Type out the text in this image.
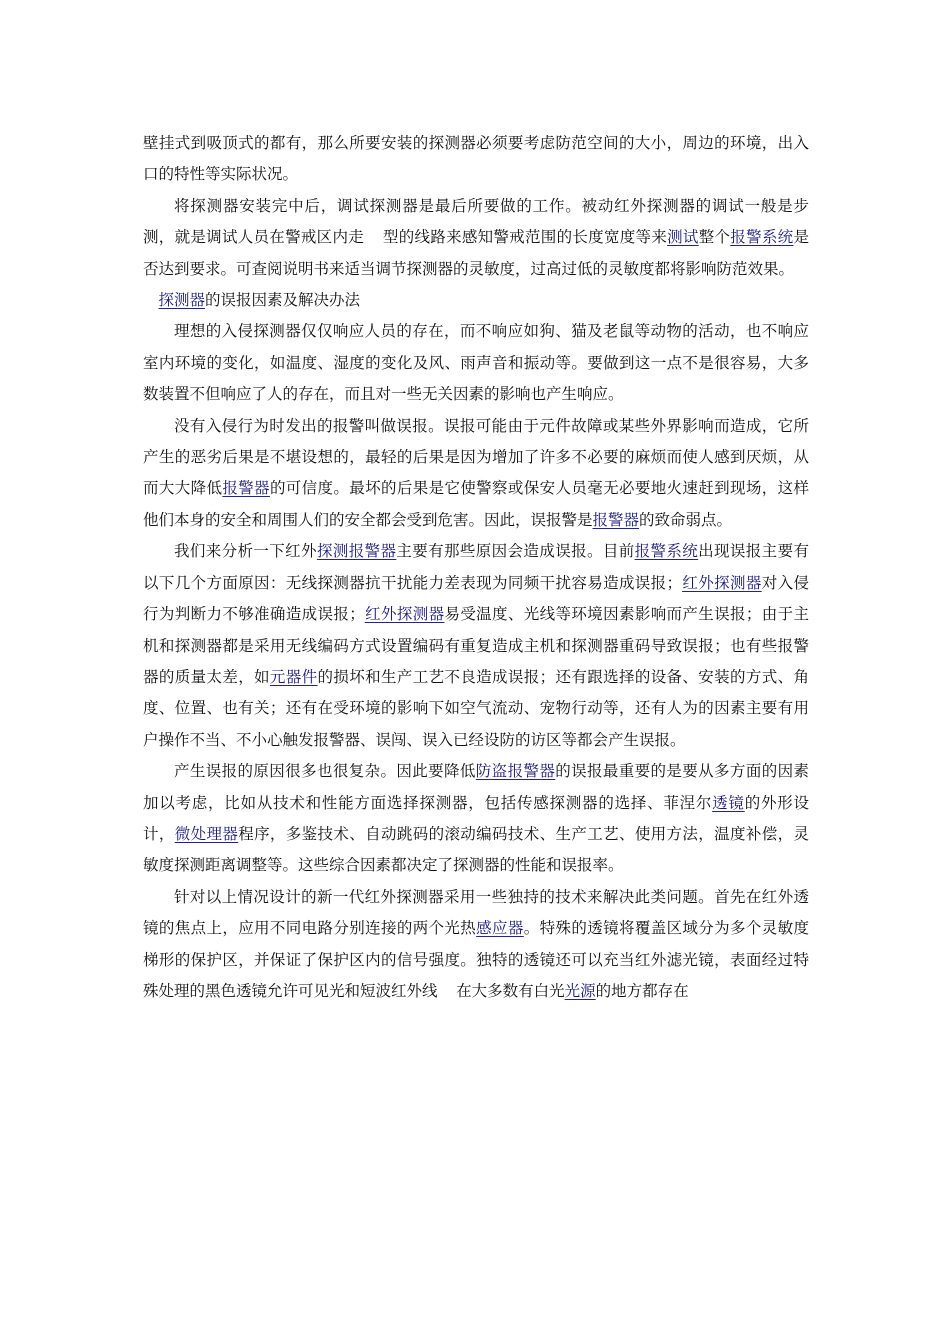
壁挂式到吸顶式的都有，那么所要安装的探测器必须要考虑防范空间的大小，周边的环境，出入口的特性等实际状况。

将探测器安装完中后，调试探测器是最后所要做的工作。被动红外探测器的调试一般是步测，就是调试人员在警戒区内走 型的线路来感知警戒范围的长度宽度等来测试整个报警系统是否达到要求。可查阅说明书来适当调节探测器的灵敏度，过高过低的灵敏度都将影响防范效果。

探测器的误报因素及解决办法

理想的入侵探测器仅仅响应人员的存在，而不响应如狗、猫及老鼠等动物的活动，也不响应室内环境的变化，如温度、湿度的变化及风、雨声音和振动等。要做到这一点不是很容易，大多数装置不但响应了人的存在，而且对一些无关因素的影响也产生响应。

没有入侵行为时发出的报警叫做误报。误报可能由于元件故障或某些外界影响而造成，它所产生的恶劣后果是不堪设想的，最轻的后果是因为增加了许多不必要的麻烦而使人感到厌烦，从而大大降低报警器的可信度。最坏的后果是它使警察或保安人员毫无必要地火速赶到现场，这样他们本身的安全和周围人们的安全都会受到危害。因此，误报警是报警器的致命弱点。

我们来分析一下红外探测报警器主要有那些原因会造成误报。目前报警系统出现误报主要有以下几个方面原因：无线探测器抗干扰能力差表现为同频干扰容易造成误报；红外探测器对入侵行为判断力不够准确造成误报；红外探测器易受温度、光线等环境因素影响而产生误报；由于主机和探测器都是采用无线编码方式设置编码有重复造成主机和探测器重码导致误报；也有些报警器的质量太差，如元器件的损坏和生产工艺不良造成误报；还有跟选择的设备、安装的方式、角度、位置、也有关；还有在受环境的影响下如空气流动、宠物行动等，还有人为的因素主要有用户操作不当、不小心触发报警器、误闯、误入已经设防的访区等都会产生误报。

产生误报的原因很多也很复杂。因此要降低防盗报警器的误报最重要的是要从多方面的因素加以考虑，比如从技术和性能方面选择探测器，包括传感探测器的选择、菲涅尔透镜的外形设计，微处理器程序，多鉴技术、自动跳码的滚动编码技术、生产工艺、使用方法，温度补偿，灵敏度探测距离调整等。这些综合因素都决定了探测器的性能和误报率。

针对以上情况设计的新一代红外探测器采用一些独持的技术来解决此类问题。首先在红外透镜的焦点上，应用不同电路分别连接的两个光热感应器。特殊的透镜将覆盖区域分为多个灵敏度梯形的保护区，并保证了保护区内的信号强度。独特的透镜还可以充当红外滤光镜，表面经过特殊处理的黑色透镜允许可见光和短波红外线 在大多数有白光光源的地方都存在
